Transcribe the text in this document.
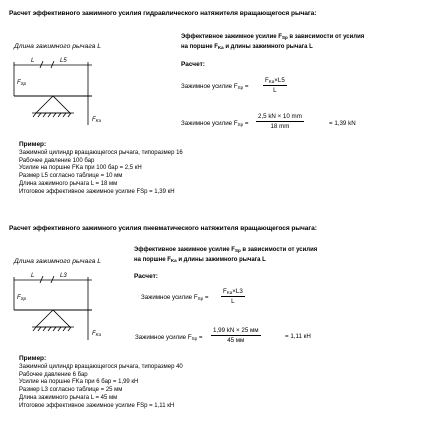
Расчет эффективного зажимного усилия гидравлического натяжителя вращающегося рычага:
Длина зажимного рычага L
Эффективное зажимное усилие $F_{Sp}$ в зависимости от усилия
на поршне $F_{Ka}$ и длины зажимного рычага L
Расчет:
Зажимное усилие $F_{Sp}$ =
$F_{Ka}\times L5$
L
Зажимное усилие $F_{Sp} = \frac{2,5 kN \times 10 mm}{18 mm}$	= 1,39 kN
L	L5
$F_{Sp}$
$F_{Ka}$
Пример:
Зажимной цилиндр вращающегося рычага, типоразмер 16
Рабочее давление 100 бар
Усилие на поршне FKa при 100 бар = 2,5 кН
Размер L5 согласно таблице = 10 мм
Длина зажимного рычага L = 18 мм
Итоговое эффективное зажимное усилие FSp = 1,39 кН
Расчет эффективного зажимного усилия пневматического натяжителя вращающегося рычага:
Длина зажимного рычага L
Эффективное зажимное усилие $F_{Sp}$ в зависимости от усилия
на поршне $F_{Ka}$ и длины зажимного рычага L
Расчет:
Зажимное усилие $F_{Sp}$ =
$F_{Ka}\times L3$
L
Зажимное усилие $F_{Sp}$ =
1,99 kN × 25 мм
45 мм
= 1,11 кН
L	L3
$F_{Sp}$
$F_{Ka}$
Пример:
Зажимной цилиндр вращающегося рычага, типоразмер 40
Рабочее давление 6 бар
Усилие на поршне FKa при 6 бар = 1,99 кН
Размер L3 согласно таблице = 25 мм
Длина зажимного рычага L = 45 мм
Итоговое эффективное зажимное усилие FSp = 1,11 кН
